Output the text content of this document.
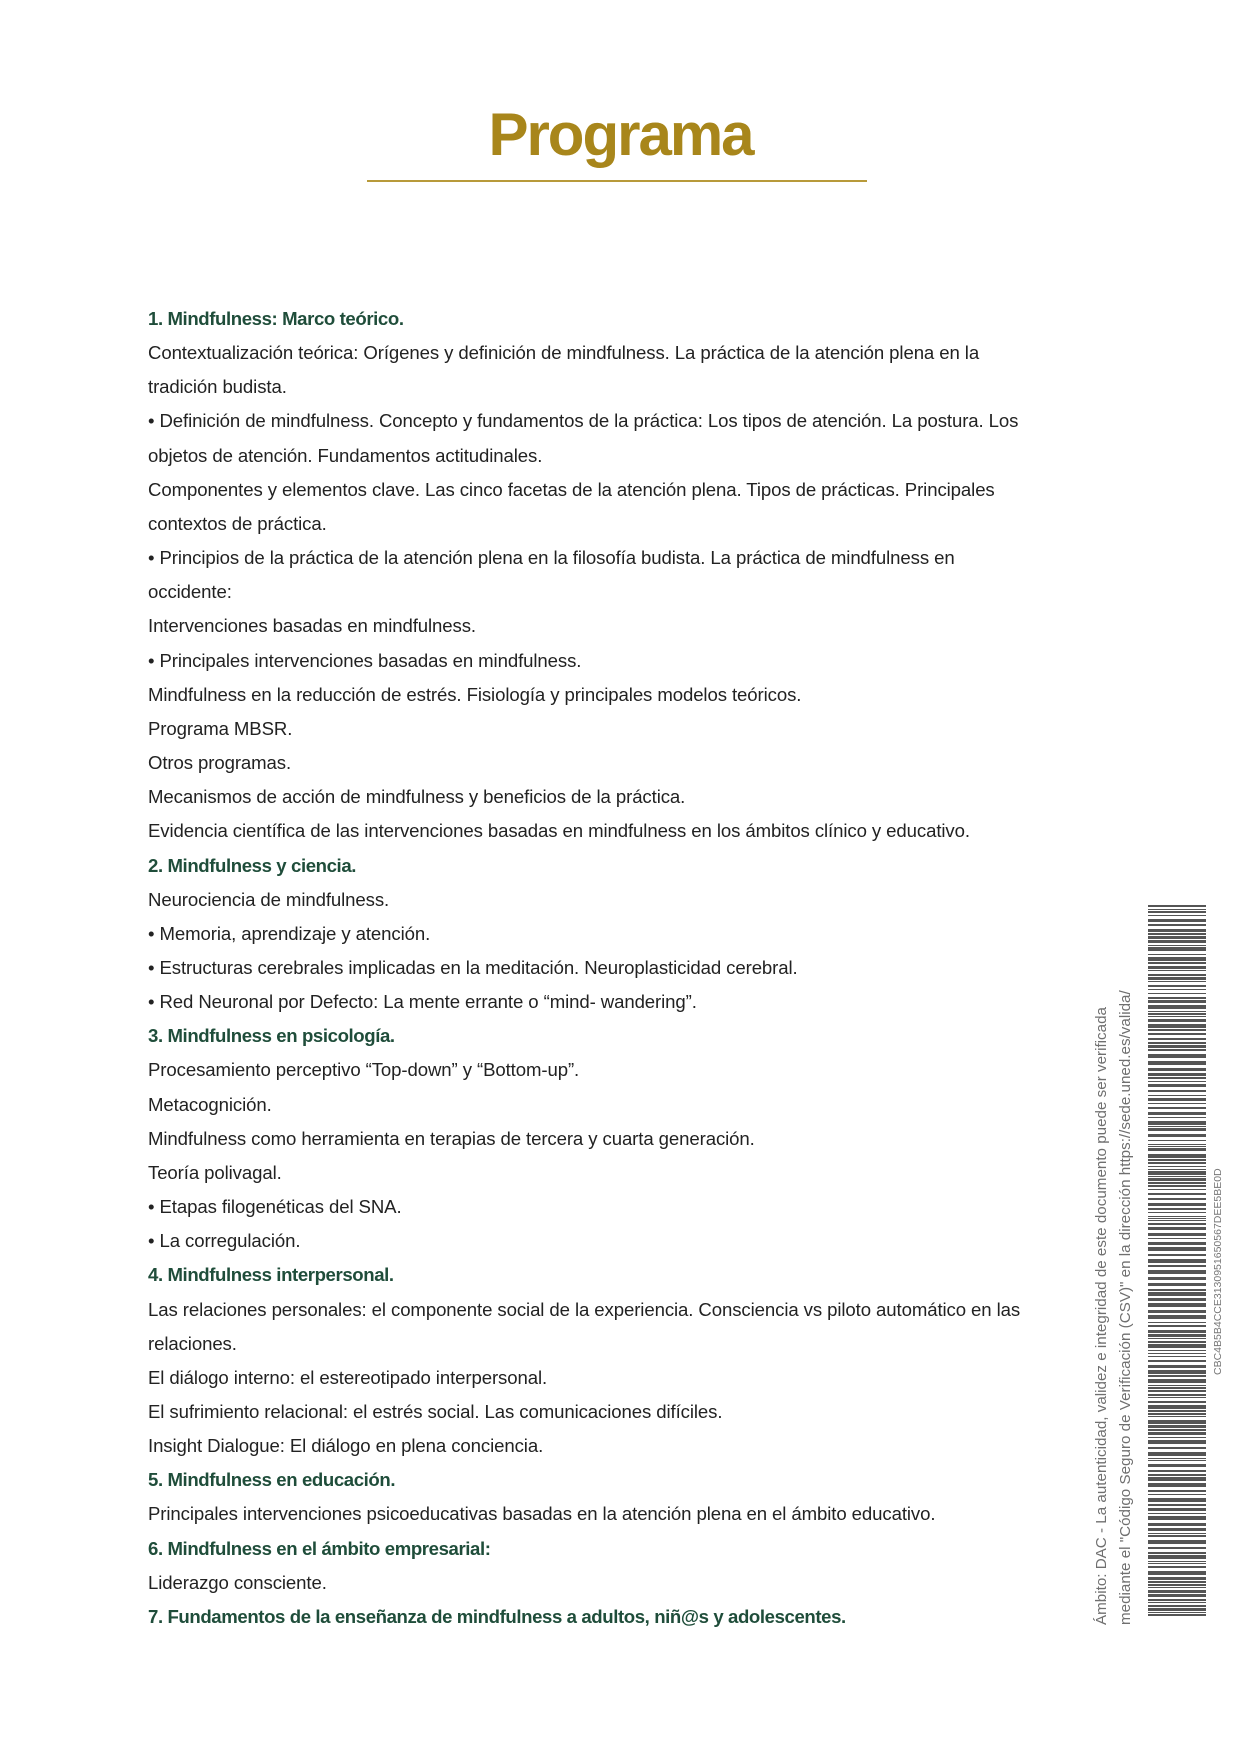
Programa
1. Mindfulness: Marco teórico.
Contextualización teórica: Orígenes y definición de mindfulness. La práctica de la atención plena en la tradición budista.
• Definición de mindfulness. Concepto y fundamentos de la práctica: Los tipos de atención. La postura. Los objetos de atención. Fundamentos actitudinales.
Componentes y elementos clave. Las cinco facetas de la atención plena. Tipos de prácticas. Principales contextos de práctica.
• Principios de la práctica de la atención plena en la filosofía budista. La práctica de mindfulness en occidente:
Intervenciones basadas en mindfulness.
• Principales intervenciones basadas en mindfulness.
Mindfulness en la reducción de estrés. Fisiología y principales modelos teóricos.
Programa MBSR.
Otros programas.
Mecanismos de acción de mindfulness y beneficios de la práctica.
Evidencia científica de las intervenciones basadas en mindfulness en los ámbitos clínico y educativo.
2. Mindfulness y ciencia.
Neurociencia de mindfulness.
• Memoria, aprendizaje y atención.
• Estructuras cerebrales implicadas en la meditación. Neuroplasticidad cerebral.
• Red Neuronal por Defecto: La mente errante o “mind- wandering”.
3. Mindfulness en psicología.
Procesamiento perceptivo “Top-down” y “Bottom-up”.
Metacognición.
Mindfulness como herramienta en terapias de tercera y cuarta generación.
Teoría polivagal.
• Etapas filogenéticas del SNA.
• La corregulación.
4. Mindfulness interpersonal.
Las relaciones personales: el componente social de la experiencia. Consciencia vs piloto automático en las relaciones.
El diálogo interno: el estereotipado interpersonal.
El sufrimiento relacional: el estrés social. Las comunicaciones difíciles.
Insight Dialogue: El diálogo en plena conciencia.
5. Mindfulness en educación.
Principales intervenciones psicoeducativas basadas en la atención plena en el ámbito educativo.
6. Mindfulness en el ámbito empresarial:
Liderazgo consciente.
7. Fundamentos de la enseñanza de mindfulness a adultos, niñ@s y adolescentes.	Ámbito: DAC - La autenticidad, validez e integridad de este documento puede ser verificada mediante el "Código Seguro de Verificación (CSV)" en la dirección https://sede.uned.es/valida/	CBC4B5B4CCE3130951650567DEE5BE0D
